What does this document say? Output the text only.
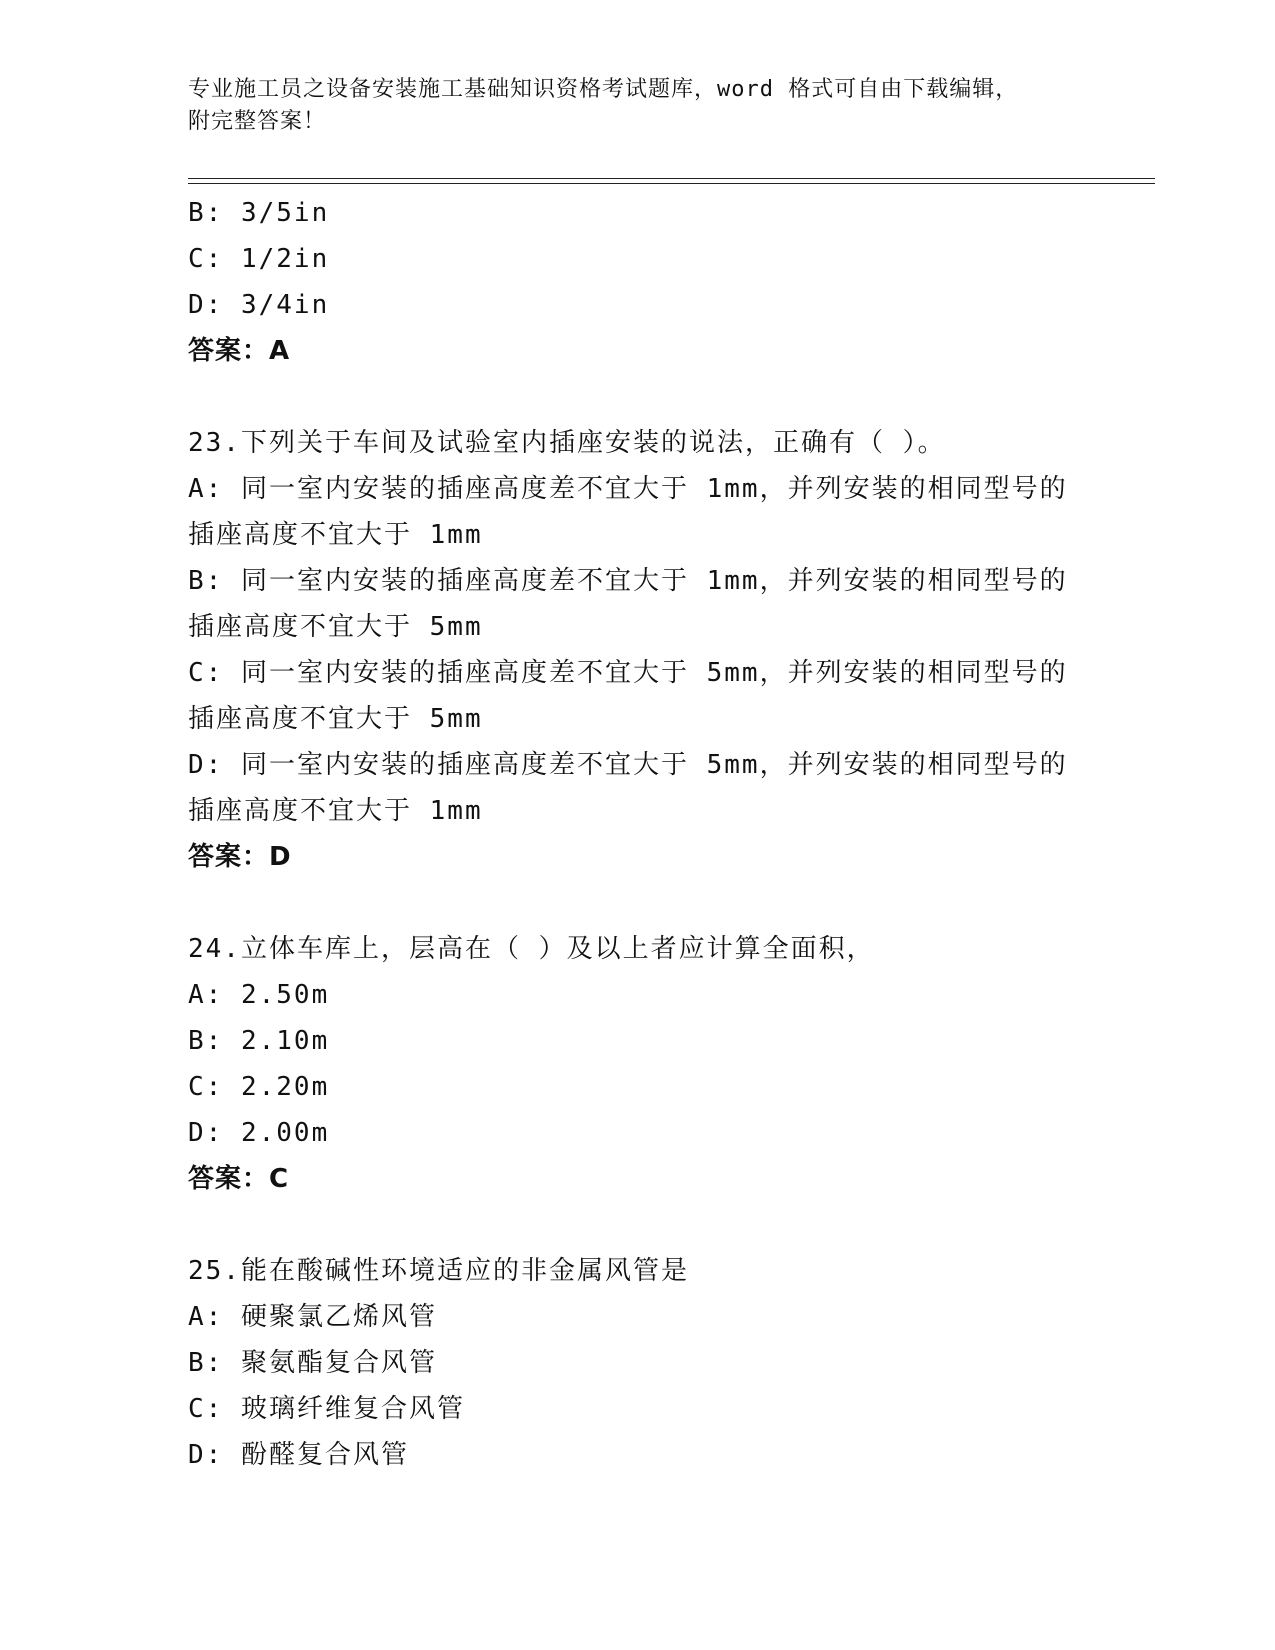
专业施工员之设备安装施工基础知识资格考试题库，word 格式可自由下载编辑，
附完整答案！
B: 3/5in
C: 1/2in
D: 3/4in
答案：A
23.下列关于车间及试验室内插座安装的说法，正确有（ ）。
A: 同一室内安装的插座高度差不宜大于 1mm，并列安装的相同型号的
插座高度不宜大于 1mm
B: 同一室内安装的插座高度差不宜大于 1mm，并列安装的相同型号的
插座高度不宜大于 5mm
C: 同一室内安装的插座高度差不宜大于 5mm，并列安装的相同型号的
插座高度不宜大于 5mm
D: 同一室内安装的插座高度差不宜大于 5mm，并列安装的相同型号的
插座高度不宜大于 1mm
答案：D
24.立体车库上，层高在（ ）及以上者应计算全面积，
A: 2.50m
B: 2.10m
C: 2.20m
D: 2.00m
答案：C
25.能在酸碱性环境适应的非金属风管是
A: 硬聚氯乙烯风管
B: 聚氨酯复合风管
C: 玻璃纤维复合风管
D: 酚醛复合风管
